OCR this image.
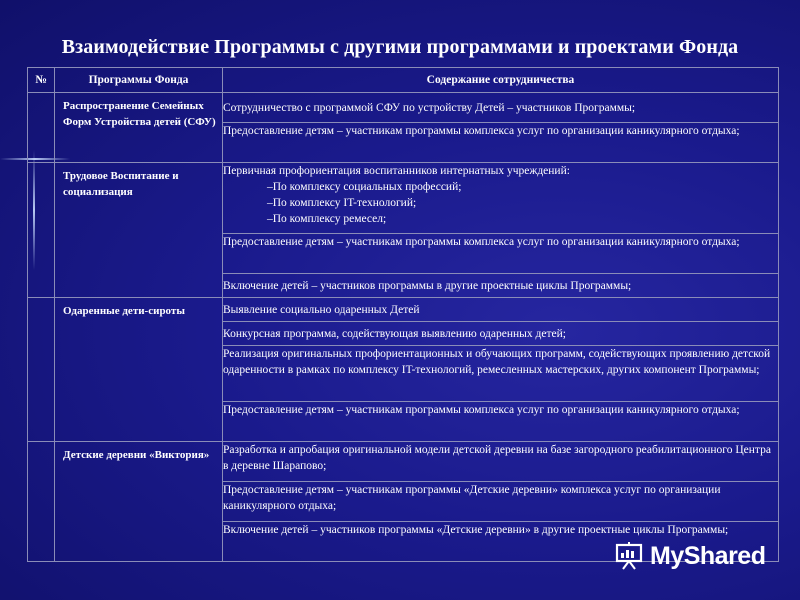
Взаимодействие Программы с другими программами и проектами Фонда
№	Программы Фонда	Содержание сотрудничества

	Распространение Семейных Форм Устройства детей (СФУ)	Сотрудничество с программой СФУ по устройству Детей – участников Программы;

		Предоставление детям – участникам программы комплекса услуг по организации каникулярного отдыха;

	Трудовое Воспитание и социализация	Первичная профориентация воспитанников интернатных учреждений:
–По комплексу социальных профессий;
–По комплексу IT-технологий;
–По комплексу ремесел;

		Предоставление детям – участникам программы комплекса услуг по организации каникулярного отдыха;

		Включение детей – участников программы в другие проектные циклы Программы;

	Одаренные дети-сироты	Выявление социально одаренных Детей

		Конкурсная программа, содействующая выявлению одаренных детей;

		Реализация оригинальных профориентационных и обучающих программ, содействующих проявлению детской одаренности в рамках по комплексу IT-технологий, ремесленных мастерских, других компонент Программы;

		Предоставление детям – участникам программы комплекса услуг по организации каникулярного отдыха;

	Детские деревни «Виктория»	Разработка и апробация оригинальной модели детской деревни на базе загородного реабилитационного Центра в деревне Шарапово;

		Предоставление детям – участникам программы «Детские деревни» комплекса услуг по организации каникулярного отдыха;

		Включение детей – участников программы «Детские деревни» в другие проектные циклы Программы;
MyShared
